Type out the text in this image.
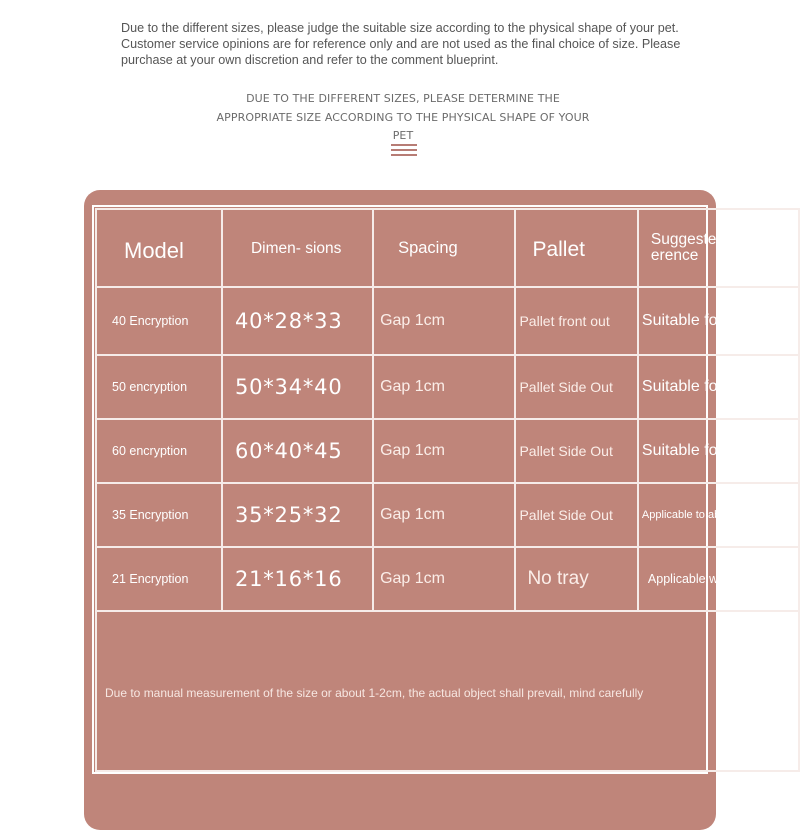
Due to the different sizes, please judge the suitable size according to the physical shape of your pet. Customer service opinions are for reference only and are not used as the final choice of size. Please purchase at your own discretion and refer to the comment blueprint.
DUE TO THE DIFFERENT SIZES, PLEASE DETERMINE THE
APPROPRIATE SIZE ACCORDING TO THE PHYSICAL SHAPE OF YOUR
PET
Model	Dimen- sions	Spacing	Pallet	Suggested ref- erence
40 Encryption	40*28*33	Gap 1cm	Pallet front out	Suitable for 2-3kg
50 encryption	50*34*40	Gap 1cm	Pallet Side Out	Suitable for 2-4kg
60 encryption	60*40*45	Gap 1cm	Pallet Side Out	Suitable for 3-5kg
35 Encryption	35*25*32	Gap 1cm	Pallet Side Out	Applicable to about 0.5kg
21 Encryption	21*16*16	Gap 1cm	No tray	Applicable within 0.5kg
Due to manual measurement of the size or about 1-2cm, the actual object shall prevail, mind carefully				
